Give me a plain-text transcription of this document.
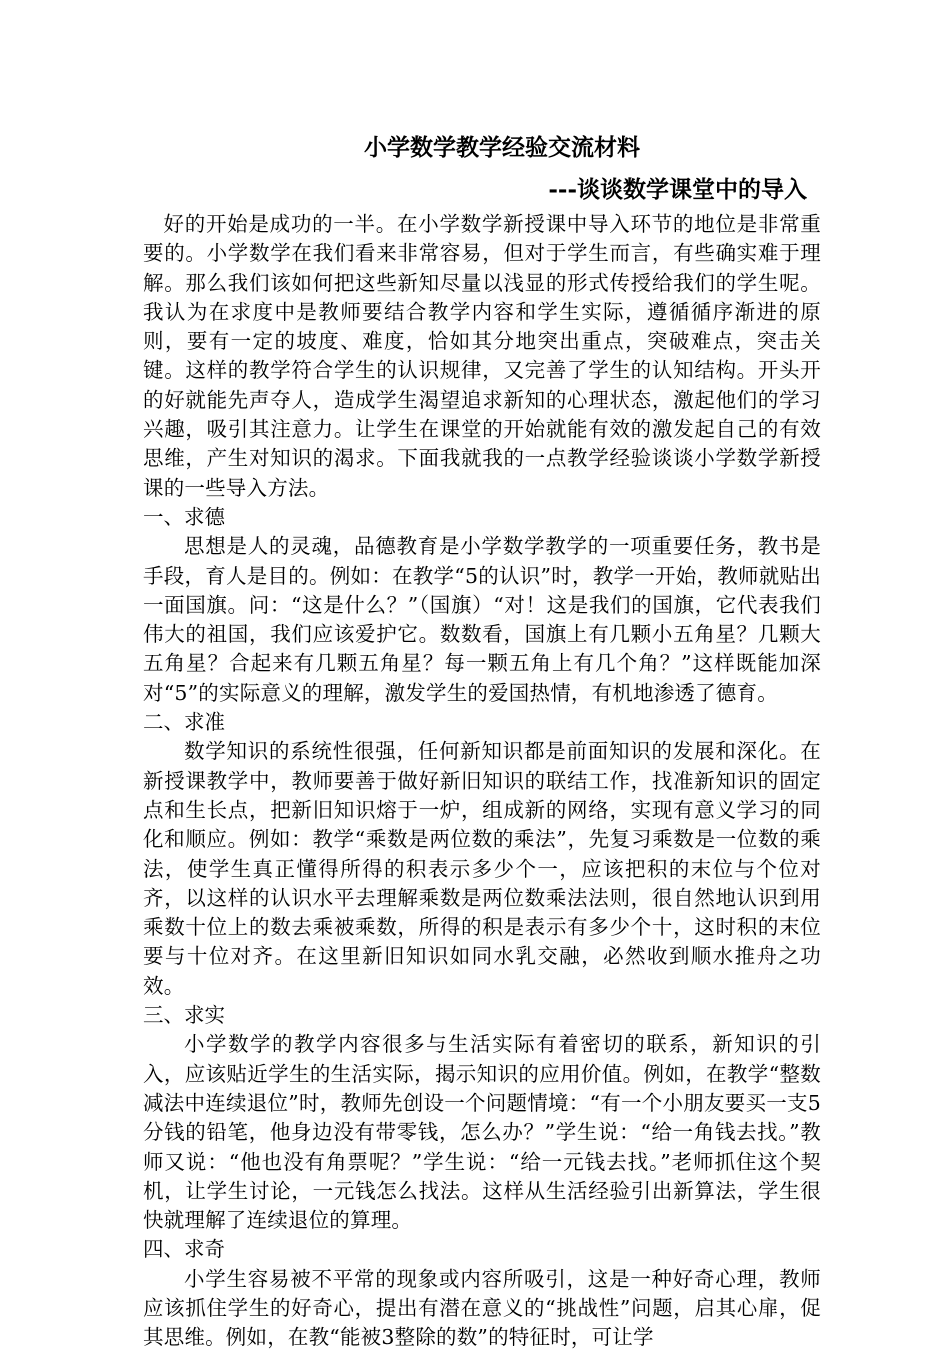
小学数学教学经验交流材料
---谈谈数学课堂中的导入

好的开始是成功的一半。在小学数学新授课中导入环节的地位是非常重要的。小学数学在我们看来非常容易，但对于学生而言，有些确实难于理解。那么我们该如何把这些新知尽量以浅显的形式传授给我们的学生呢。我认为在求度中是教师要结合教学内容和学生实际，遵循循序渐进的原则，要有一定的坡度、难度，恰如其分地突出重点，突破难点，突击关键。这样的教学符合学生的认识规律，又完善了学生的认知结构。开头开的好就能先声夺人，造成学生渴望追求新知的心理状态，激起他们的学习兴趣，吸引其注意力。让学生在课堂的开始就能有效的激发起自己的有效思维，产生对知识的渴求。下面我就我的一点教学经验谈谈小学数学新授课的一些导入方法。

一、求德

思想是人的灵魂，品德教育是小学数学教学的一项重要任务，教书是手段，育人是目的。例如：在教学“5的认识”时，教学一开始，教师就贴出一面国旗。问：“这是什么？”（国旗）“对！这是我们的国旗，它代表我们伟大的祖国，我们应该爱护它。数数看，国旗上有几颗小五角星？几颗大五角星？合起来有几颗五角星？每一颗五角上有几个角？”这样既能加深对“5”的实际意义的理解，激发学生的爱国热情，有机地渗透了德育。

二、求准

数学知识的系统性很强，任何新知识都是前面知识的发展和深化。在新授课教学中，教师要善于做好新旧知识的联结工作，找准新知识的固定点和生长点，把新旧知识熔于一炉，组成新的网络，实现有意义学习的同化和顺应。例如：教学“乘数是两位数的乘法”，先复习乘数是一位数的乘法，使学生真正懂得所得的积表示多少个一，应该把积的末位与个位对齐，以这样的认识水平去理解乘数是两位数乘法法则，很自然地认识到用乘数十位上的数去乘被乘数，所得的积是表示有多少个十，这时积的末位要与十位对齐。在这里新旧知识如同水乳交融，必然收到顺水推舟之功效。

三、求实

小学数学的教学内容很多与生活实际有着密切的联系，新知识的引入，应该贴近学生的生活实际，揭示知识的应用价值。例如，在教学“整数减法中连续退位”时，教师先创设一个问题情境：“有一个小朋友要买一支5分钱的铅笔，他身边没有带零钱，怎么办？”学生说：“给一角钱去找。”教师又说：“他也没有角票呢？”学生说：“给一元钱去找。”老师抓住这个契机，让学生讨论，一元钱怎么找法。这样从生活经验引出新算法，学生很快就理解了连续退位的算理。

四、求奇

小学生容易被不平常的现象或内容所吸引，这是一种好奇心理，教师应该抓住学生的好奇心，提出有潜在意义的“挑战性”问题，启其心扉，促其思维。例如，在教“能被3整除的数”的特征时，可让学
